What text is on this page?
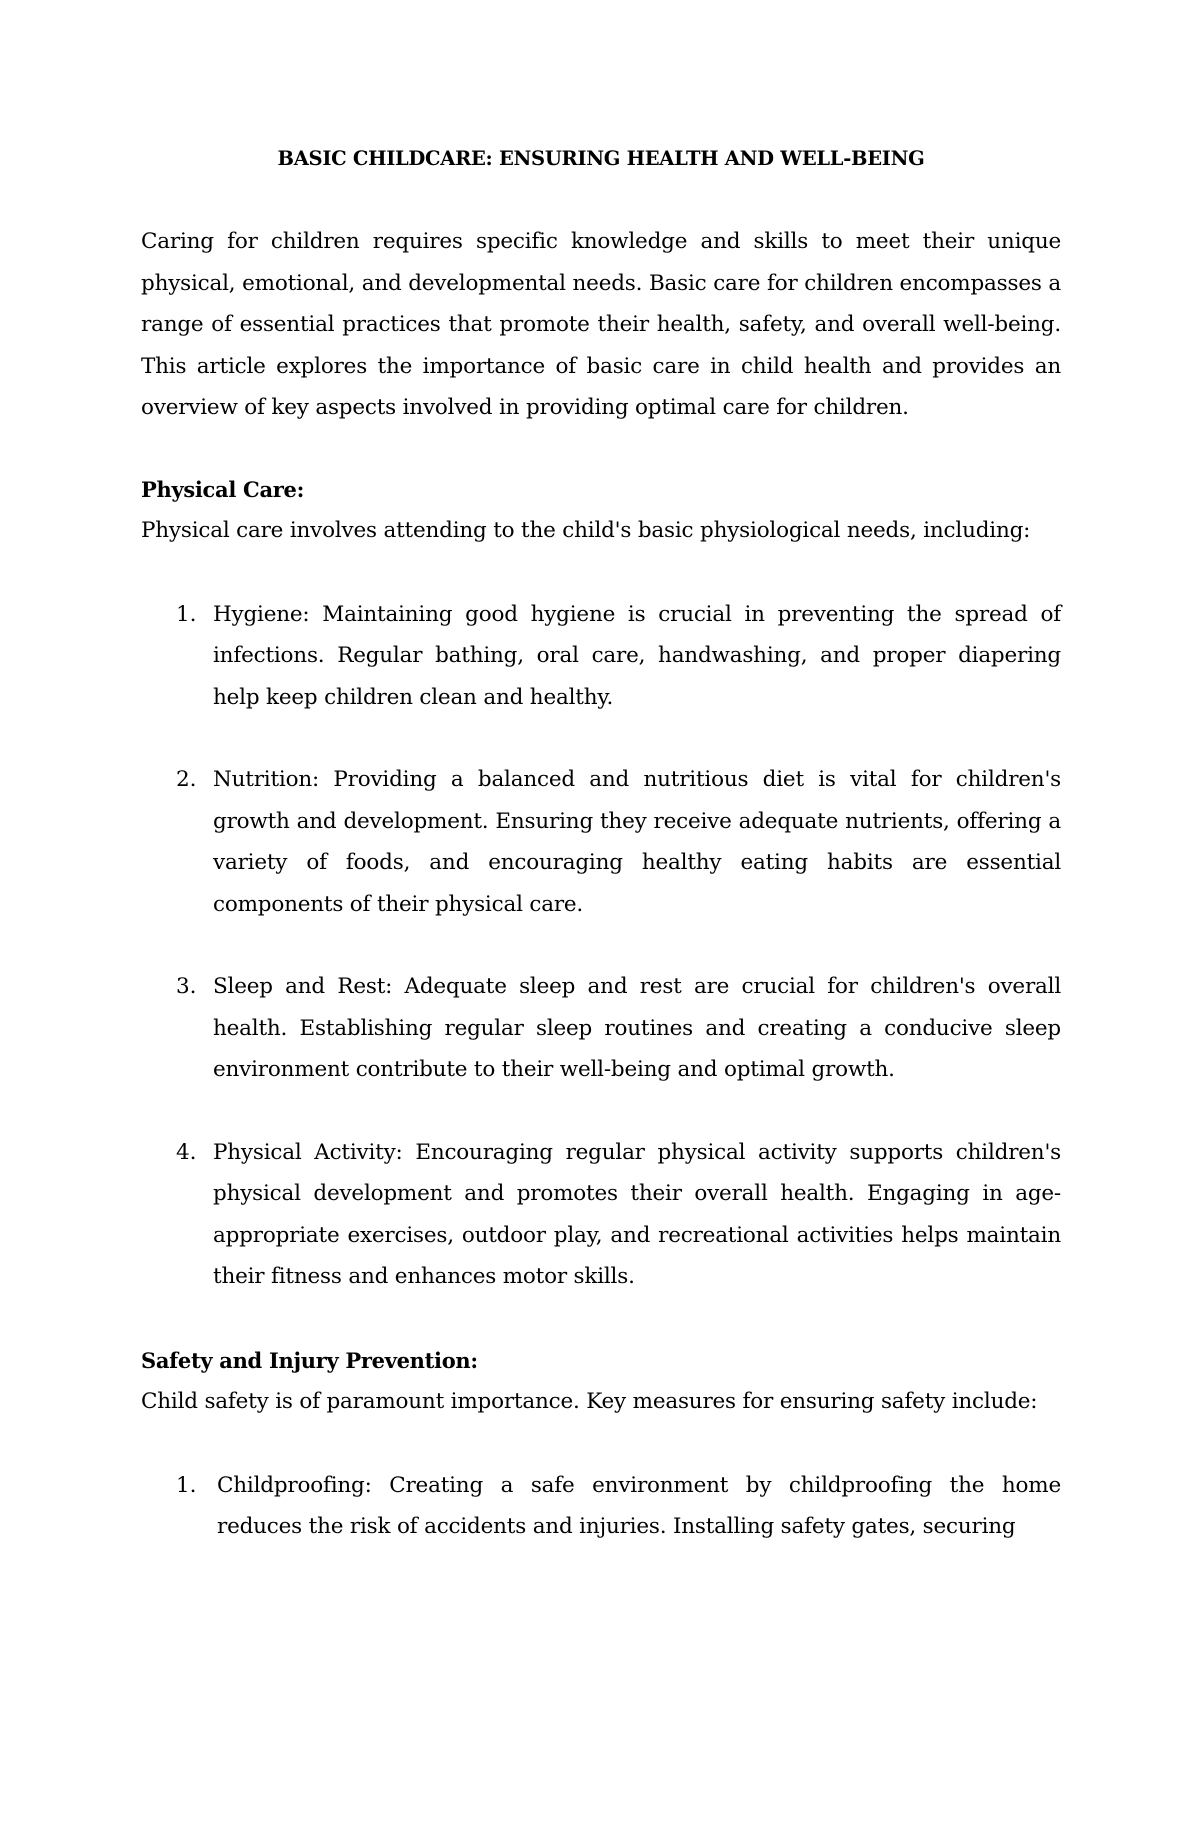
BASIC CHILDCARE: ENSURING HEALTH AND WELL-BEING

Caring for children requires specific knowledge and skills to meet their unique physical, emotional, and developmental needs. Basic care for children encompasses a range of essential practices that promote their health, safety, and overall well-being. This article explores the importance of basic care in child health and provides an overview of key aspects involved in providing optimal care for children.

Physical Care:

Physical care involves attending to the child's basic physiological needs, including:

1. Hygiene: Maintaining good hygiene is crucial in preventing the spread of infections. Regular bathing, oral care, handwashing, and proper diapering help keep children clean and healthy.

2. Nutrition: Providing a balanced and nutritious diet is vital for children's growth and development. Ensuring they receive adequate nutrients, offering a variety of foods, and encouraging healthy eating habits are essential components of their physical care.

3. Sleep and Rest: Adequate sleep and rest are crucial for children's overall health. Establishing regular sleep routines and creating a conducive sleep environment contribute to their well-being and optimal growth.

4. Physical Activity: Encouraging regular physical activity supports children's physical development and promotes their overall health. Engaging in age-appropriate exercises, outdoor play, and recreational activities helps maintain their fitness and enhances motor skills.

Safety and Injury Prevention:

Child safety is of paramount importance. Key measures for ensuring safety include:

1. Childproofing: Creating a safe environment by childproofing the home reduces the risk of accidents and injuries. Installing safety gates, securing
